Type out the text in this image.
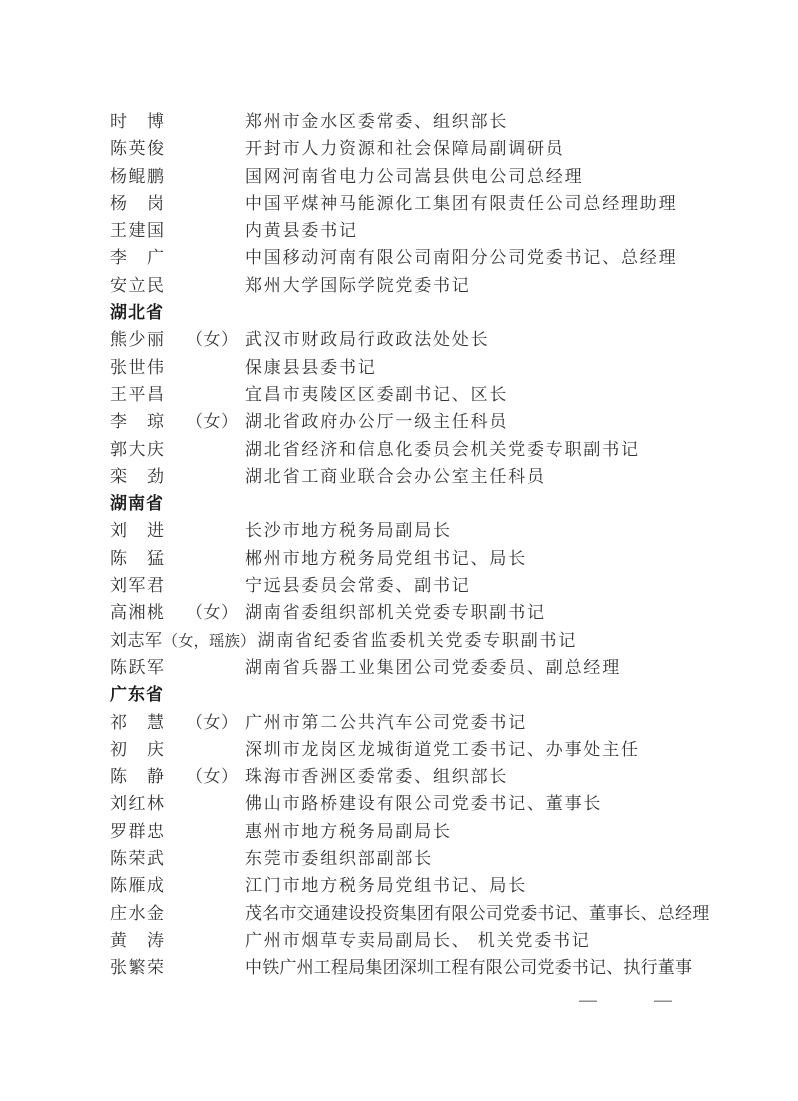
时　博	郑州市金水区委常委、组织部长
陈英俊	开封市人力资源和社会保障局副调研员
杨鲲鹏	国网河南省电力公司嵩县供电公司总经理
杨　岗	中国平煤神马能源化工集团有限责任公司总经理助理
王建国	内黄县委书记
李　广	中国移动河南有限公司南阳分公司党委书记、总经理
安立民	郑州大学国际学院党委书记
湖北省
熊少丽	（女） 武汉市财政局行政政法处处长
张世伟	保康县县委书记
王平昌	宜昌市夷陵区区委副书记、区长
李　琼	（女） 湖北省政府办公厅一级主任科员
郭大庆	湖北省经济和信息化委员会机关党委专职副书记
栾　劲	湖北省工商业联合会办公室主任科员
湖南省
刘　进	长沙市地方税务局副局长
陈　猛	郴州市地方税务局党组书记、局长
刘军君	宁远县委员会常委、副书记
高湘桃	（女） 湖南省委组织部机关党委专职副书记
刘志军 （女，瑶族） 湖南省纪委省监委机关党委专职副书记
陈跃军	湖南省兵器工业集团公司党委委员、副总经理
广东省
祁　慧	（女） 广州市第二公共汽车公司党委书记
初　庆	深圳市龙岗区龙城街道党工委书记、办事处主任
陈　静	（女） 珠海市香洲区委常委、组织部长
刘红林	佛山市路桥建设有限公司党委书记、董事长
罗群忠	惠州市地方税务局副局长
陈荣武	东莞市委组织部副部长
陈雁成	江门市地方税务局党组书记、局长
庄水金	茂名市交通建设投资集团有限公司党委书记、董事长、总经理
黄　涛	广州市烟草专卖局副局长、 机关党委书记
张繁荣	中铁广州工程局集团深圳工程有限公司党委书记、执行董事
—	—
